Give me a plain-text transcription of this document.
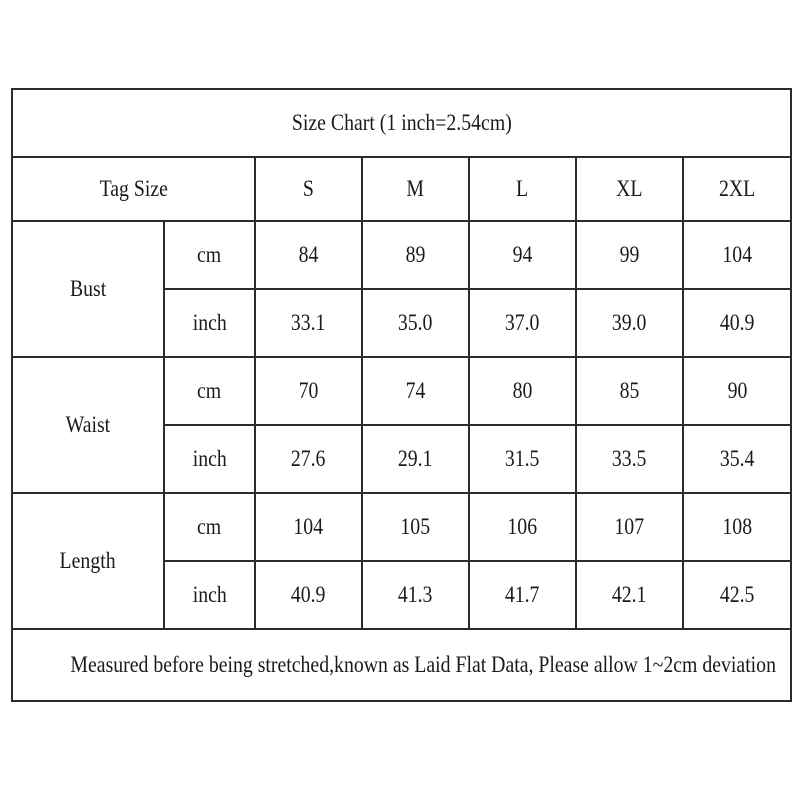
Size Chart (1 inch=2.54cm)						
Tag Size		S	M	L	XL	2XL
Bust	cm	84	89	94	99	104
	inch	33.1	35.0	37.0	39.0	40.9
Waist	cm	70	74	80	85	90
	inch	27.6	29.1	31.5	33.5	35.4
Length	cm	104	105	106	107	108
	inch	40.9	41.3	41.7	42.1	42.5
Measured before being stretched,known as Laid Flat Data, Please allow 1~2cm deviation						
